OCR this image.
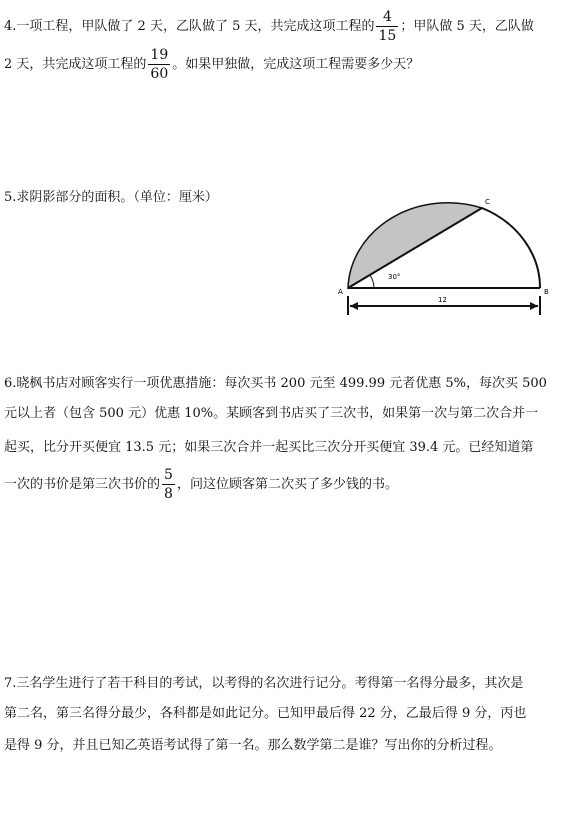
4.一项工程，甲队做了 2 天，乙队做了 5 天，共完成这项工程的 $\frac{4}{15}$ ；甲队做 5 天，乙队做
2 天，共完成这项工程的 $\frac{19}{60}$ 。如果甲独做，完成这项工程需要多少天？
5.求阴影部分的面积。（单位：厘米）
30°
A	B
C
12
6.晓枫书店对顾客实行一项优惠措施：每次买书 200 元至 499.99 元者优惠 5%，每次买 500
元以上者（包含 500 元）优惠 10%。某顾客到书店买了三次书，如果第一次与第二次合并一
起买，比分开买便宜 13.5 元；如果三次合并一起买比三次分开买便宜 39.4 元。已经知道第
一次的书价是第三次书价的 $\frac{5}{8}$ ，问这位顾客第二次买了多少钱的书。
7.三名学生进行了若干科目的考试，以考得的名次进行记分。考得第一名得分最多，其次是
第二名，第三名得分最少，各科都是如此记分。已知甲最后得 22 分，乙最后得 9 分，丙也
是得 9 分，并且已知乙英语考试得了第一名。那么数学第二是谁？写出你的分析过程。
